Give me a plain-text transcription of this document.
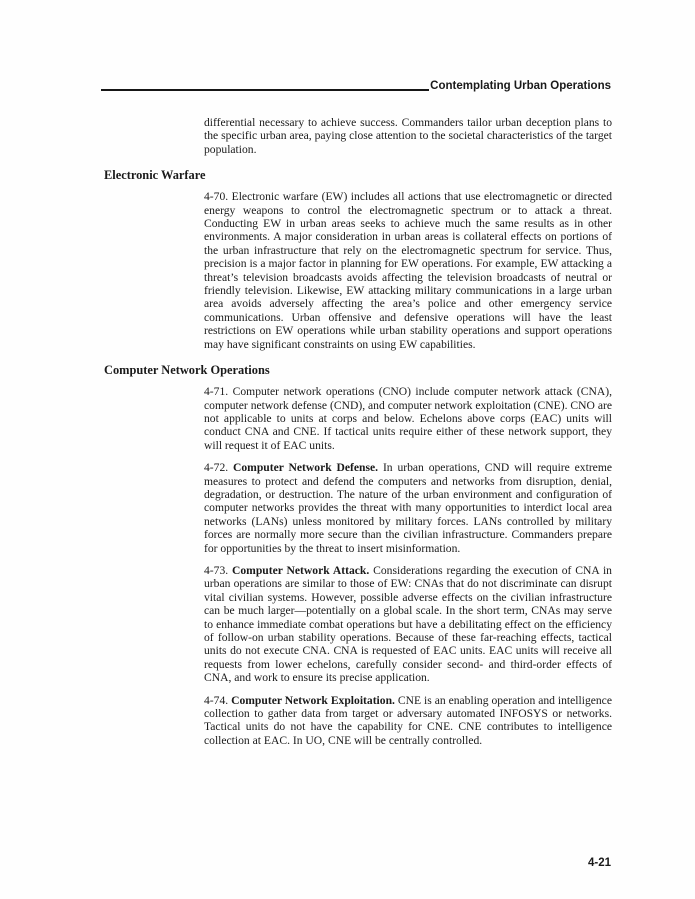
Contemplating Urban Operations

differential necessary to achieve success. Commanders tailor urban deception plans to the specific urban area, paying close attention to the societal characteristics of the target population.

Electronic Warfare

4-70. Electronic warfare (EW) includes all actions that use electromagnetic or directed energy weapons to control the electromagnetic spectrum or to attack a threat. Conducting EW in urban areas seeks to achieve much the same results as in other environments. A major consideration in urban areas is collateral effects on portions of the urban infrastructure that rely on the electromagnetic spectrum for service. Thus, precision is a major factor in planning for EW operations. For example, EW attacking a threat’s television broadcasts avoids affecting the television broadcasts of neutral or friendly television. Likewise, EW attacking military communications in a large urban area avoids adversely affecting the area’s police and other emergency service communications. Urban offensive and defensive operations will have the least restrictions on EW operations while urban stability operations and support operations may have significant constraints on using EW capabilities.

Computer Network Operations

4-71. Computer network operations (CNO) include computer network attack (CNA), computer network defense (CND), and computer network exploitation (CNE). CNO are not applicable to units at corps and below. Echelons above corps (EAC) units will conduct CNA and CNE. If tactical units require either of these network support, they will request it of EAC units.

4-72. Computer Network Defense. In urban operations, CND will require extreme measures to protect and defend the computers and networks from disruption, denial, degradation, or destruction. The nature of the urban environment and configuration of computer networks provides the threat with many opportunities to interdict local area networks (LANs) unless monitored by military forces. LANs controlled by military forces are normally more secure than the civilian infrastructure. Commanders prepare for opportunities by the threat to insert misinformation.

4-73. Computer Network Attack. Considerations regarding the execution of CNA in urban operations are similar to those of EW: CNAs that do not discriminate can disrupt vital civilian systems. However, possible adverse effects on the civilian infrastructure can be much larger—potentially on a global scale. In the short term, CNAs may serve to enhance immediate combat operations but have a debilitating effect on the efficiency of follow-on urban stability operations. Because of these far-reaching effects, tactical units do not execute CNA. CNA is requested of EAC units. EAC units will receive all requests from lower echelons, carefully consider second- and third-order effects of CNA, and work to ensure its precise application.

4-74. Computer Network Exploitation. CNE is an enabling operation and intelligence collection to gather data from target or adversary automated INFOSYS or networks. Tactical units do not have the capability for CNE. CNE contributes to intelligence collection at EAC. In UO, CNE will be centrally controlled.

4-21
